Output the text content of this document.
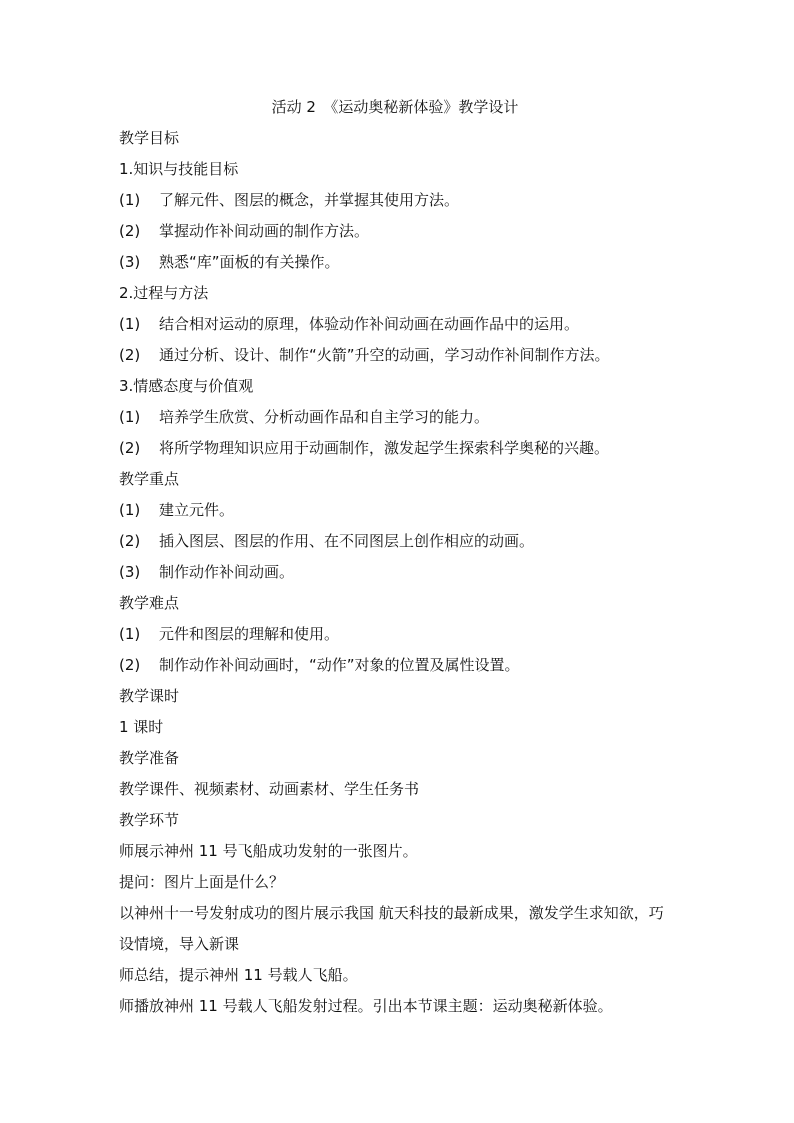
活动 2　《运动奥秘新体验》教学设计
教学目标
1.知识与技能目标
(1)	了解元件、图层的概念，并掌握其使用方法。
(2)	掌握动作补间动画的制作方法。
(3)	熟悉“库”面板的有关操作。
2.过程与方法
(1)	结合相对运动的原理，体验动作补间动画在动画作品中的运用。
(2)	通过分析、设计、制作“火箭”升空的动画，学习动作补间制作方法。
3.情感态度与价值观
(1)	培养学生欣赏、分析动画作品和自主学习的能力。
(2)	将所学物理知识应用于动画制作，激发起学生探索科学奥秘的兴趣。
教学重点
(1)	建立元件。
(2)	插入图层、图层的作用、在不同图层上创作相应的动画。
(3)	制作动作补间动画。
教学难点
(1)	元件和图层的理解和使用。
(2)	制作动作补间动画时，“动作”对象的位置及属性设置。
教学课时
1 课时
教学准备
教学课件、视频素材、动画素材、学生任务书
教学环节
师展示神州 11 号飞船成功发射的一张图片。
提问：图片上面是什么？
以神州十一号发射成功的图片展示我国 航天科技的最新成果，激发学生求知欲，巧设情境，导入新课
师总结，提示神州 11 号载人飞船。
师播放神州 11 号载人飞船发射过程。引出本节课主题：运动奥秘新体验。
